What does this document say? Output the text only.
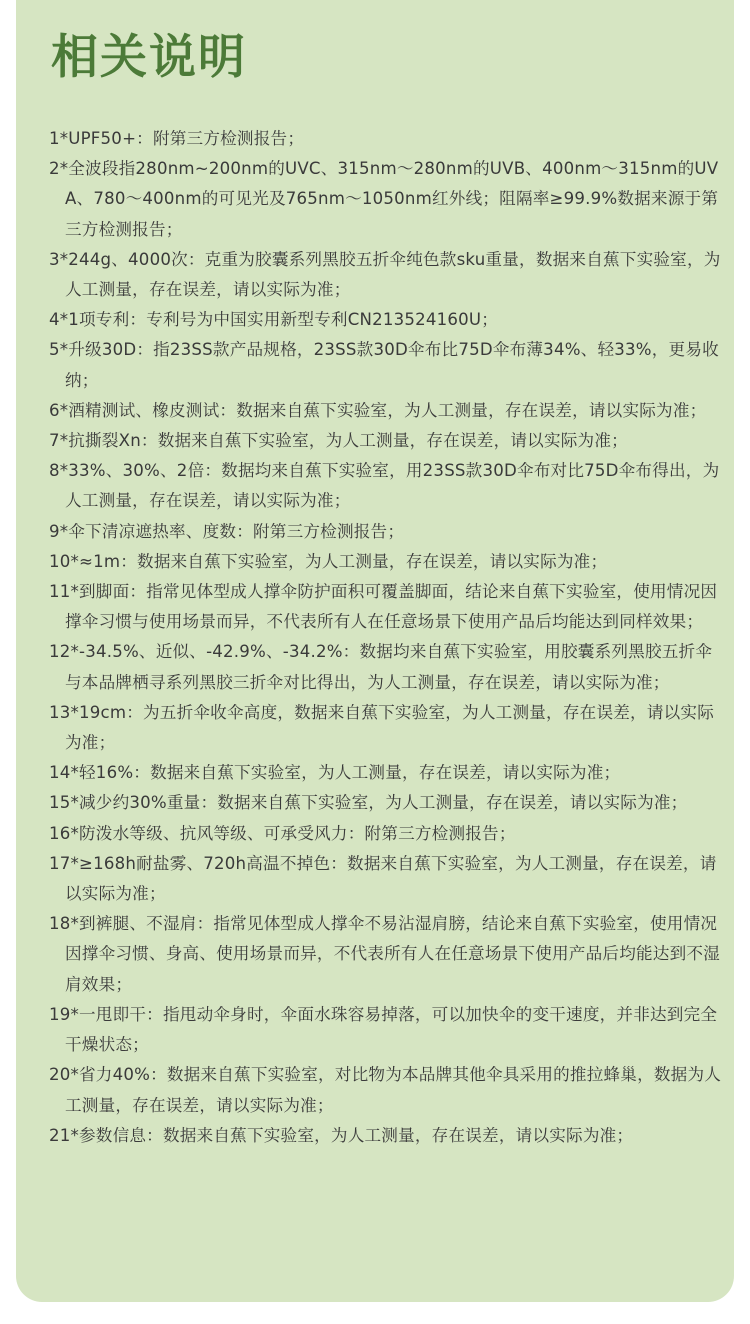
相关说明
1*UPF50+：附第三方检测报告；
2*全波段指280nm~200nm的UVC、315nm～280nm的UVB、400nm～315nm的UVA、780～400nm的可见光及765nm～1050nm红外线；阻隔率≥99.9%数据来源于第三方检测报告；
3*244g、4000次：克重为胶囊系列黑胶五折伞纯色款sku重量，数据来自蕉下实验室，为人工测量，存在误差，请以实际为准；
4*1项专利：专利号为中国实用新型专利CN213524160U；
5*升级30D：指23SS款产品规格，23SS款30D伞布比75D伞布薄34%、轻33%，更易收纳；
6*酒精测试、橡皮测试：数据来自蕉下实验室，为人工测量，存在误差，请以实际为准；
7*抗撕裂Xn：数据来自蕉下实验室，为人工测量，存在误差，请以实际为准；
8*33%、30%、2倍：数据均来自蕉下实验室，用23SS款30D伞布对比75D伞布得出，为人工测量，存在误差，请以实际为准；
9*伞下清凉遮热率、度数：附第三方检测报告；
10*≈1m：数据来自蕉下实验室，为人工测量，存在误差，请以实际为准；
11*到脚面：指常见体型成人撑伞防护面积可覆盖脚面，结论来自蕉下实验室，使用情况因撑伞习惯与使用场景而异，不代表所有人在任意场景下使用产品后均能达到同样效果；
12*-34.5%、近似、-42.9%、-34.2%：数据均来自蕉下实验室，用胶囊系列黑胶五折伞与本品牌栖寻系列黑胶三折伞对比得出，为人工测量，存在误差，请以实际为准；
13*19cm：为五折伞收伞高度，数据来自蕉下实验室，为人工测量，存在误差，请以实际为准；
14*轻16%：数据来自蕉下实验室，为人工测量，存在误差，请以实际为准；
15*减少约30%重量：数据来自蕉下实验室，为人工测量，存在误差，请以实际为准；
16*防泼水等级、抗风等级、可承受风力：附第三方检测报告；
17*≥168h耐盐雾、720h高温不掉色：数据来自蕉下实验室，为人工测量，存在误差，请以实际为准；
18*到裤腿、不湿肩：指常见体型成人撑伞不易沾湿肩膀，结论来自蕉下实验室，使用情况因撑伞习惯、身高、使用场景而异，不代表所有人在任意场景下使用产品后均能达到不湿肩效果；
19*一甩即干：指甩动伞身时，伞面水珠容易掉落，可以加快伞的变干速度，并非达到完全干燥状态；
20*省力40%：数据来自蕉下实验室，对比物为本品牌其他伞具采用的推拉蜂巢，数据为人工测量，存在误差，请以实际为准；
21*参数信息：数据来自蕉下实验室，为人工测量，存在误差，请以实际为准；
